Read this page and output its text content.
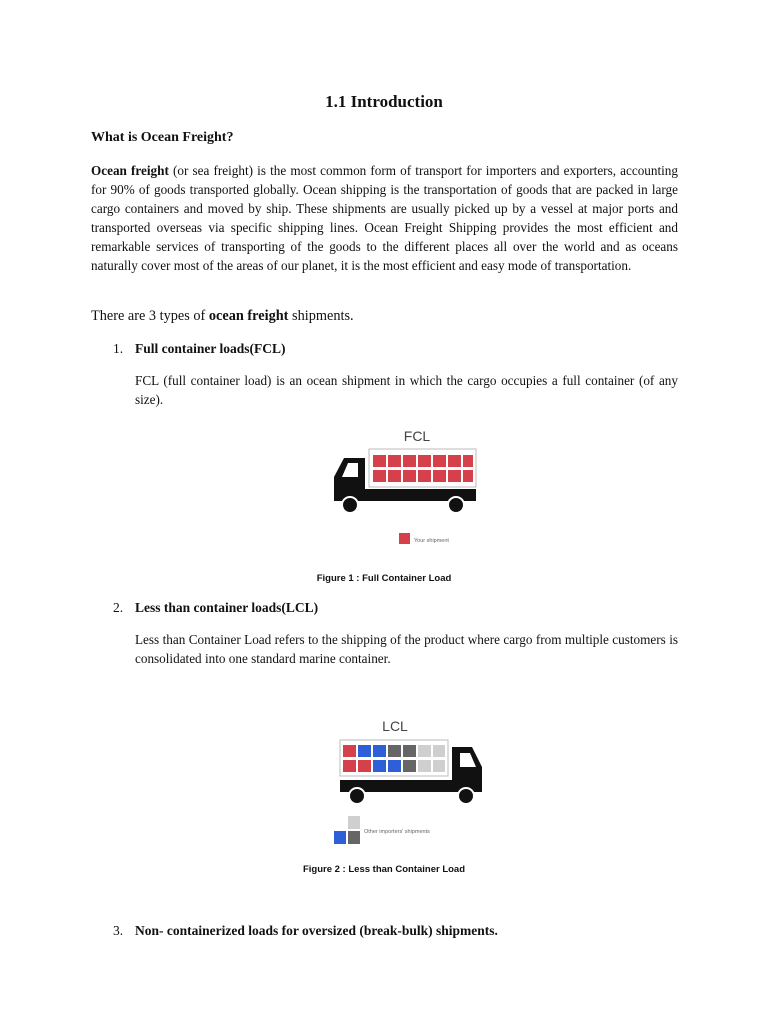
1.1 Introduction
What is Ocean Freight?

Ocean freight (or sea freight) is the most common form of transport for importers and exporters, accounting for 90% of goods transported globally. Ocean shipping is the transportation of goods that are packed in large cargo containers and moved by ship. These shipments are usually picked up by a vessel at major ports and transported overseas via specific shipping lines. Ocean Freight Shipping provides the most efficient and remarkable services of transporting of the goods to the different places all over the world and as oceans naturally cover most of the areas of our planet, it is the most efficient and easy mode of transportation.

There are 3 types of ocean freight shipments.
1. Full container loads(FCL)

FCL (full container load) is an ocean shipment in which the cargo occupies a full container (of any size).

FCL
Your shipment
Figure 1 : Full Container Load
2. Less than container loads(LCL)

Less than Container Load refers to the shipping of the product where cargo from multiple customers is consolidated into one standard marine container.

LCL
Other importers' shipments
Figure 2 : Less than Container Load
3. Non- containerized loads for oversized (break-bulk) shipments.
